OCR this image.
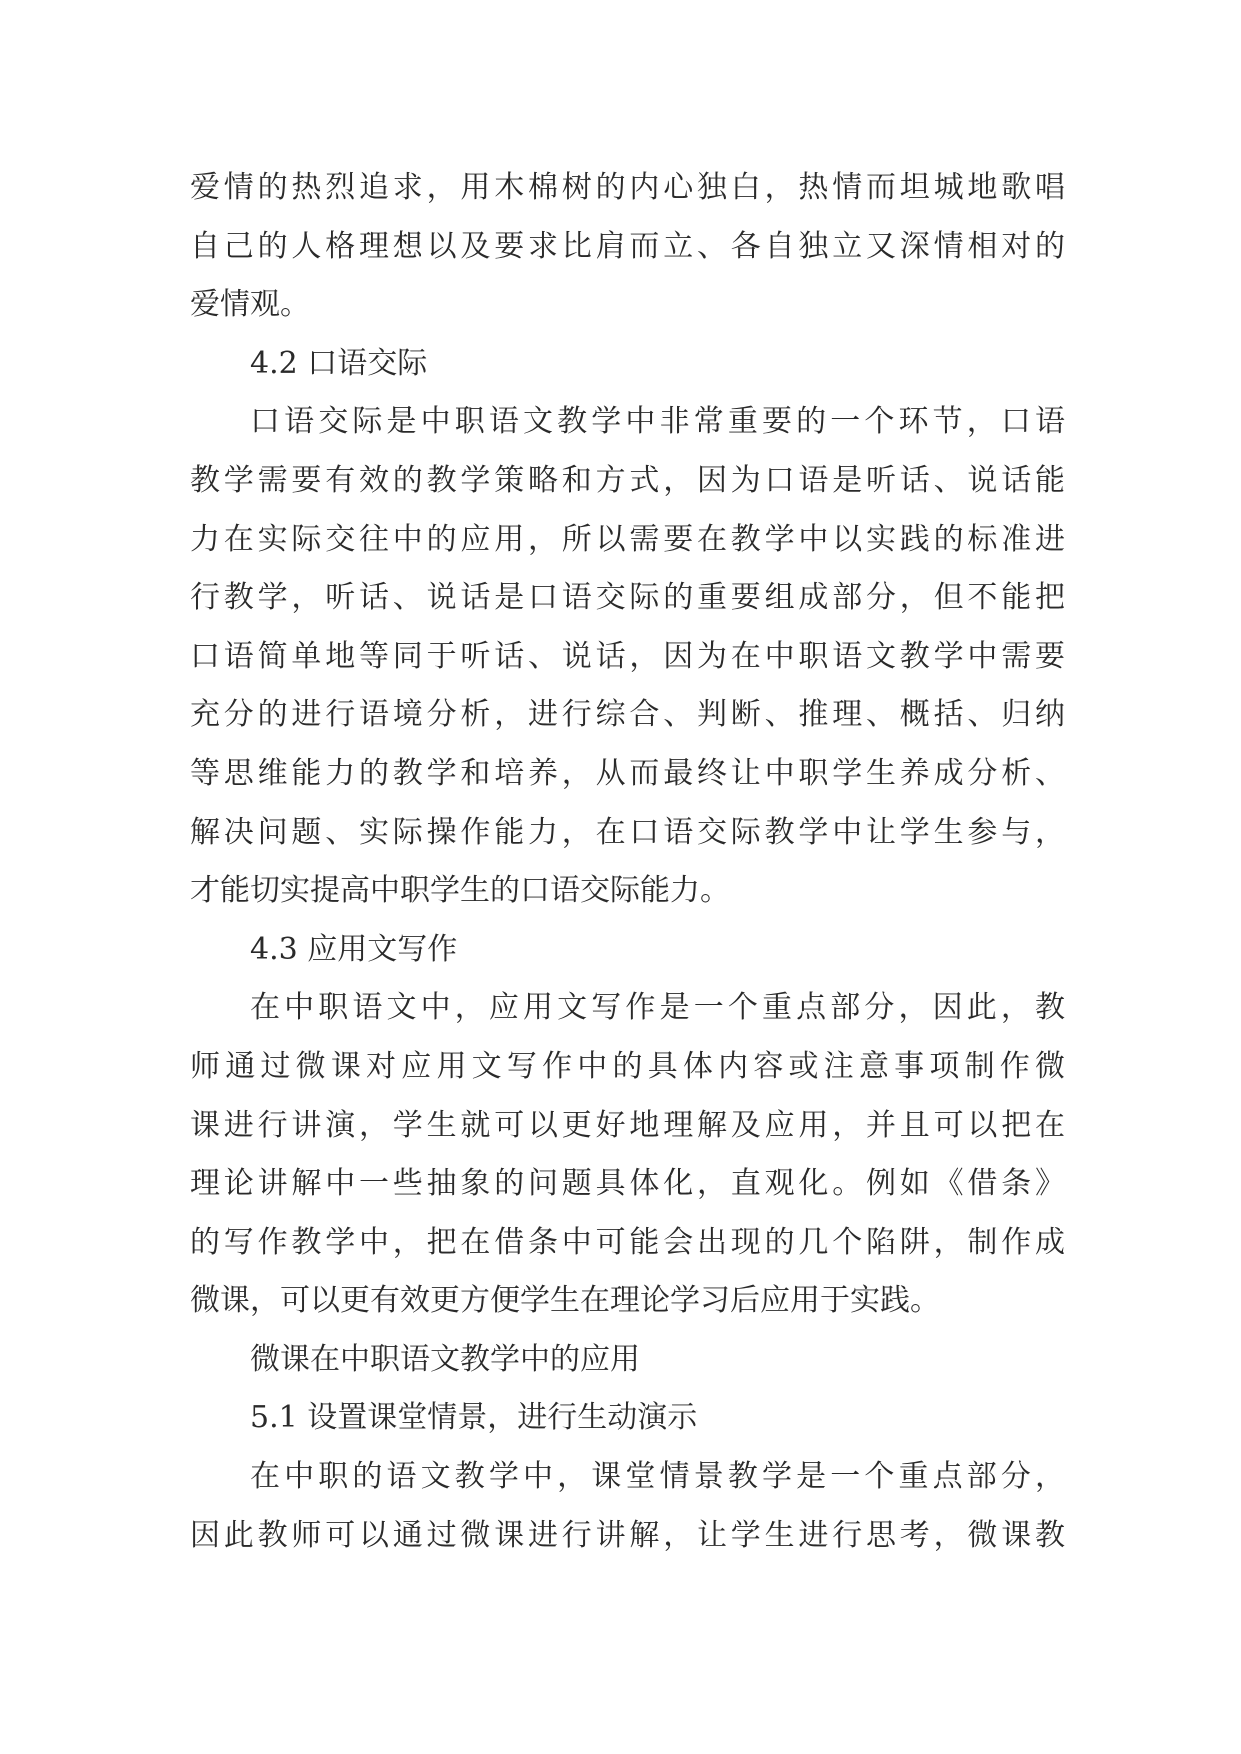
爱情的热烈追求，用木棉树的内心独白，热情而坦城地歌唱
自己的人格理想以及要求比肩而立、各自独立又深情相对的
爱情观。
4.2 口语交际
口语交际是中职语文教学中非常重要的一个环节，口语
教学需要有效的教学策略和方式，因为口语是听话、说话能
力在实际交往中的应用，所以需要在教学中以实践的标准进
行教学，听话、说话是口语交际的重要组成部分，但不能把
口语简单地等同于听话、说话，因为在中职语文教学中需要
充分的进行语境分析，进行综合、判断、推理、概括、归纳
等思维能力的教学和培养，从而最终让中职学生养成分析、
解决问题、实际操作能力，在口语交际教学中让学生参与，
才能切实提高中职学生的口语交际能力。
4.3 应用文写作
在中职语文中，应用文写作是一个重点部分，因此，教
师通过微课对应用文写作中的具体内容或注意事项制作微
课进行讲演，学生就可以更好地理解及应用，并且可以把在
理论讲解中一些抽象的问题具体化，直观化。例如《借条》
的写作教学中，把在借条中可能会出现的几个陷阱，制作成
微课，可以更有效更方便学生在理论学习后应用于实践。
微课在中职语文教学中的应用
5.1 设置课堂情景，进行生动演示
在中职的语文教学中，课堂情景教学是一个重点部分，
因此教师可以通过微课进行讲解，让学生进行思考，微课教
